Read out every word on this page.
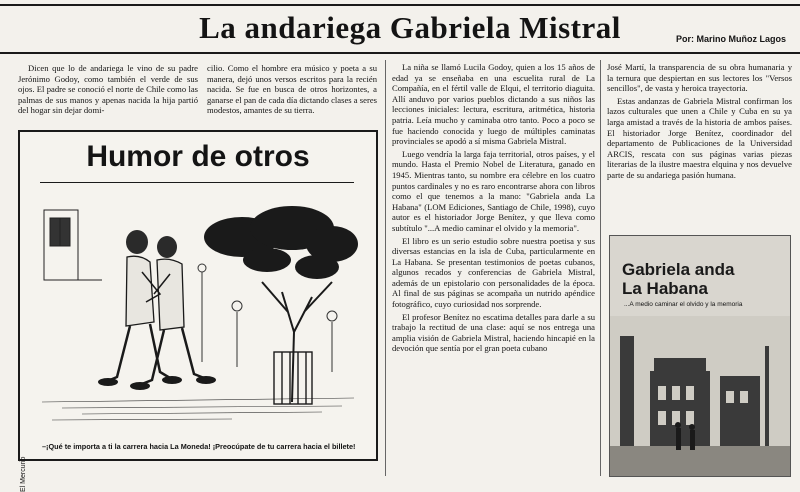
La andariega Gabriela Mistral	Por: Marino Muñoz Lagos

Dicen que lo de andariega le vino de su padre Jerónimo Godoy, como también el verde de sus ojos. El padre se conoció el norte de Chile como las palmas de sus manos y apenas nacida la hija partió del hogar sin dejar domi-

cilio. Como el hombre era músico y poeta a su manera, dejó unos versos escritos para la recién nacida. Se fue en busca de otros horizontes, a ganarse el pan de cada día dictando clases a seres modestos, amantes de su tierra.

La niña se llamó Lucila Godoy, quien a los 15 años de edad ya se enseñaba en una escuelita rural de La Compañía, en el fértil valle de Elqui, el territorio diaguita. Allí anduvo por varios pueblos dictando a sus niños las lecciones iniciales: lectura, escritura, aritmética, historia patria. Leía mucho y caminaba otro tanto. Poco a poco se fue haciendo conocida y luego de múltiples caminatas provinciales se apodó a sí misma Gabriela Mistral.

Luego vendría la larga faja territorial, otros países, y el mundo. Hasta el Premio Nobel de Literatura, ganado en 1945. Mientras tanto, su nombre era célebre en los cuatro puntos cardinales y no es raro encontrarse ahora con libros como el que tenemos a la mano: "Gabriela anda La Habana" (LOM Ediciones, Santiago de Chile, 1998), cuyo autor es el historiador Jorge Benítez, y que lleva como subtítulo "...A medio caminar el olvido y la memoria".

El libro es un serio estudio sobre nuestra poetisa y sus diversas estancias en la isla de Cuba, particularmente en La Habana. Se presentan testimonios de poetas cubanos, algunos recados y conferencias de Gabriela Mistral, además de un epistolario con personalidades de la época. Al final de sus páginas se acompaña un nutrido apéndice fotográfico, cuyo curiosidad nos sorprende.

El profesor Benítez no escatima detalles para darle a su trabajo la rectitud de una clase: aquí se nos entrega una amplia visión de Gabriela Mistral, haciendo hincapié en la devoción que sentía por el gran poeta cubano

José Martí, la transparencia de su obra humanaria y la ternura que despiertan en sus lectores los "Versos sencillos", de vasta y heroica trayectoria.

Estas andanzas de Gabriela Mistral confirman los lazos culturales que unen a Chile y Cuba en su ya larga amistad a través de la historia de ambos países. El historiador Jorge Benítez, coordinador del departamento de Publicaciones de la Universidad ARCIS, rescata con sus páginas varias piezas literarias de la ilustre maestra elquina y nos devuelve parte de su andariega pasión humana.

Humor de otros
El Mercurio
–¡Qué te importa a ti la carrera hacia La Moneda! ¡Preocúpate de tu carrera hacia el billete!
Gabriela anda
La Habana
...A medio caminar el olvido y la memoria
